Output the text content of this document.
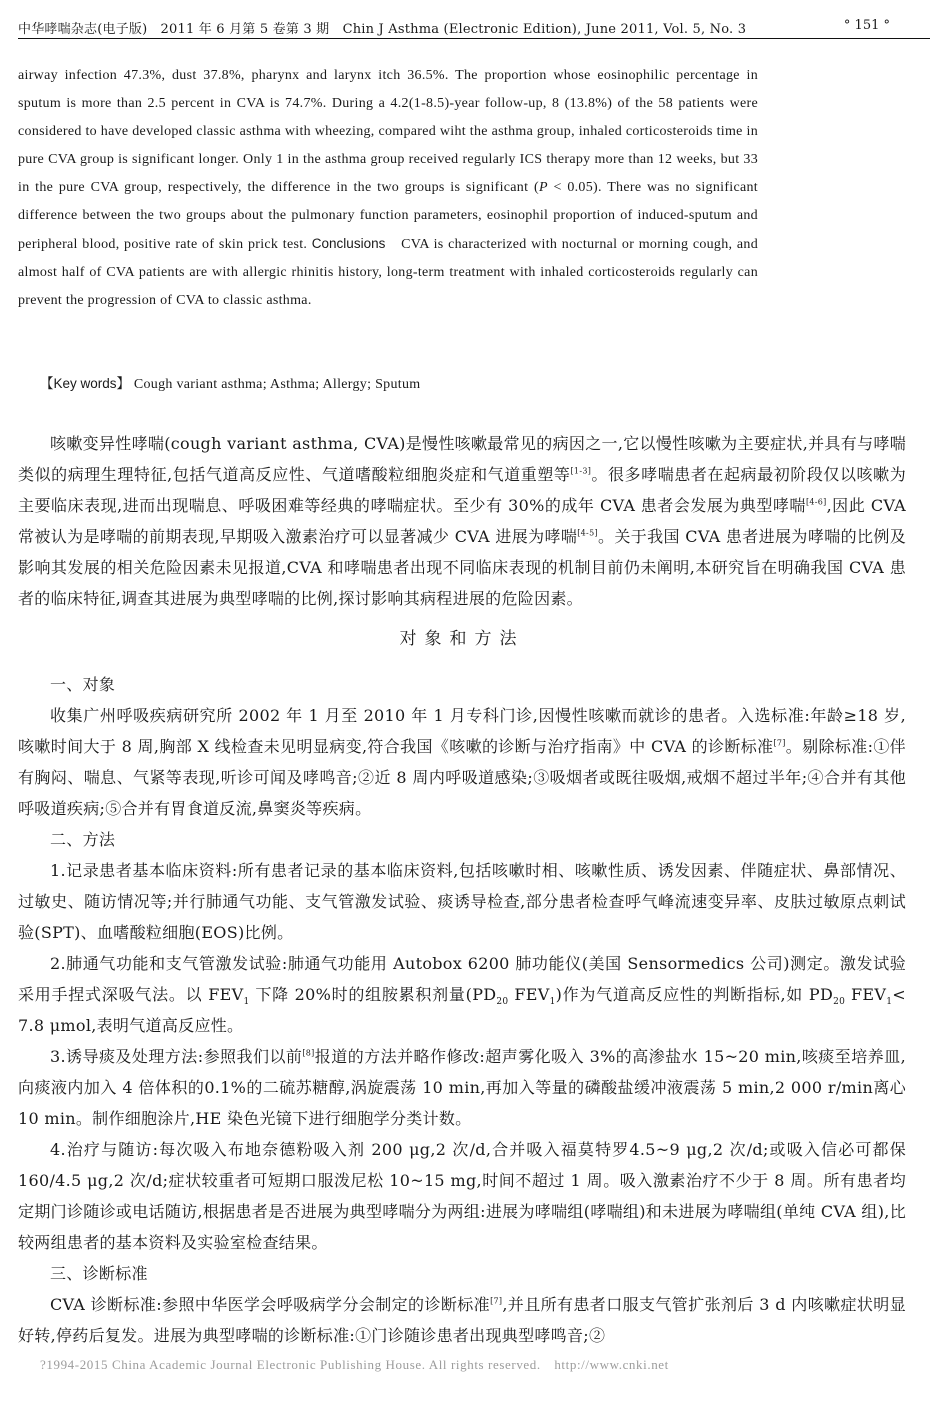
中华哮喘杂志(电子版)　2011 年 6 月第 5 卷第 3 期　Chin J Asthma (Electronic Edition), June 2011, Vol. 5, No. 3	° 151 °

airway infection 47.3%, dust 37.8%, pharynx and larynx itch 36.5%. The proportion whose eosinophilic percentage in sputum is more than 2.5 percent in CVA is 74.7%. During a 4.2(1-8.5)-year follow-up, 8 (13.8%) of the 58 patients were considered to have developed classic asthma with wheezing, compared wiht the asthma group, inhaled corticosteroids time in pure CVA group is significant longer. Only 1 in the asthma group received regularly ICS therapy more than 12 weeks, but 33 in the pure CVA group, respectively, the difference in the two groups is significant (P < 0.05). There was no significant difference between the two groups about the pulmonary function parameters, eosinophil proportion of induced-sputum and peripheral blood, positive rate of skin prick test. Conclusions　CVA is characterized with nocturnal or morning cough, and almost half of CVA patients are with allergic rhinitis history, long-term treatment with inhaled corticosteroids regularly can prevent the progression of CVA to classic asthma.

【Key words】 Cough variant asthma; Asthma; Allergy; Sputum

咳嗽变异性哮喘(cough variant asthma, CVA)是慢性咳嗽最常见的病因之一,它以慢性咳嗽为主要症状,并具有与哮喘类似的病理生理特征,包括气道高反应性、气道嗜酸粒细胞炎症和气道重塑等[1-3]。很多哮喘患者在起病最初阶段仅以咳嗽为主要临床表现,进而出现喘息、呼吸困难等经典的哮喘症状。至少有 30%的成年 CVA 患者会发展为典型哮喘[4-6],因此 CVA 常被认为是哮喘的前期表现,早期吸入激素治疗可以显著减少 CVA 进展为哮喘[4-5]。关于我国 CVA 患者进展为哮喘的比例及影响其发展的相关危险因素未见报道,CVA 和哮喘患者出现不同临床表现的机制目前仍未阐明,本研究旨在明确我国 CVA 患者的临床特征,调查其进展为典型哮喘的比例,探讨影响其病程进展的危险因素。

对象和方法

一、对象

收集广州呼吸疾病研究所 2002 年 1 月至 2010 年 1 月专科门诊,因慢性咳嗽而就诊的患者。入选标准:年龄≥18 岁,咳嗽时间大于 8 周,胸部 X 线检查未见明显病变,符合我国《咳嗽的诊断与治疗指南》中 CVA 的诊断标准[7]。剔除标准:①伴有胸闷、喘息、气紧等表现,听诊可闻及哮鸣音;②近 8 周内呼吸道感染;③吸烟者或既往吸烟,戒烟不超过半年;④合并有其他呼吸道疾病;⑤合并有胃食道反流,鼻窦炎等疾病。

二、方法

1.记录患者基本临床资料:所有患者记录的基本临床资料,包括咳嗽时相、咳嗽性质、诱发因素、伴随症状、鼻部情况、过敏史、随访情况等;并行肺通气功能、支气管激发试验、痰诱导检查,部分患者检查呼气峰流速变异率、皮肤过敏原点刺试验(SPT)、血嗜酸粒细胞(EOS)比例。

2.肺通气功能和支气管激发试验:肺通气功能用 Autobox 6200 肺功能仪(美国 Sensormedics 公司)测定。激发试验采用手捏式深吸气法。以 $FEV_1$ 下降 20%时的组胺累积剂量($PD_{20}$ $FEV_1$)作为气道高反应性的判断指标,如 $PD_{20}$ $FEV_1< 7.8$ μmol,表明气道高反应性。

3.诱导痰及处理方法:参照我们以前[8]报道的方法并略作修改:超声雾化吸入 3%的高渗盐水 15~20 min,咳痰至培养皿,向痰液内加入 4 倍体积的0.1%的二硫苏糖醇,涡旋震荡 10 min,再加入等量的磷酸盐缓冲液震荡 5 min,2 000 r/min离心10 min。制作细胞涂片,HE 染色光镜下进行细胞学分类计数。

4.治疗与随访:每次吸入布地奈德粉吸入剂 200 μg,2 次/d,合并吸入福莫特罗4.5~9 μg,2 次/d;或吸入信必可都保 160/4.5 μg,2 次/d;症状较重者可短期口服泼尼松 10~15 mg,时间不超过 1 周。吸入激素治疗不少于 8 周。所有患者均定期门诊随诊或电话随访,根据患者是否进展为典型哮喘分为两组:进展为哮喘组(哮喘组)和未进展为哮喘组(单纯 CVA 组),比较两组患者的基本资料及实验室检查结果。

三、诊断标准

CVA 诊断标准:参照中华医学会呼吸病学分会制定的诊断标准[7],并且所有患者口服支气管扩张剂后 3 d 内咳嗽症状明显好转,停药后复发。进展为典型哮喘的诊断标准:①门诊随诊患者出现典型哮鸣音;②

?1994-2015 China Academic Journal Electronic Publishing House. All rights reserved.　http://www.cnki.net
